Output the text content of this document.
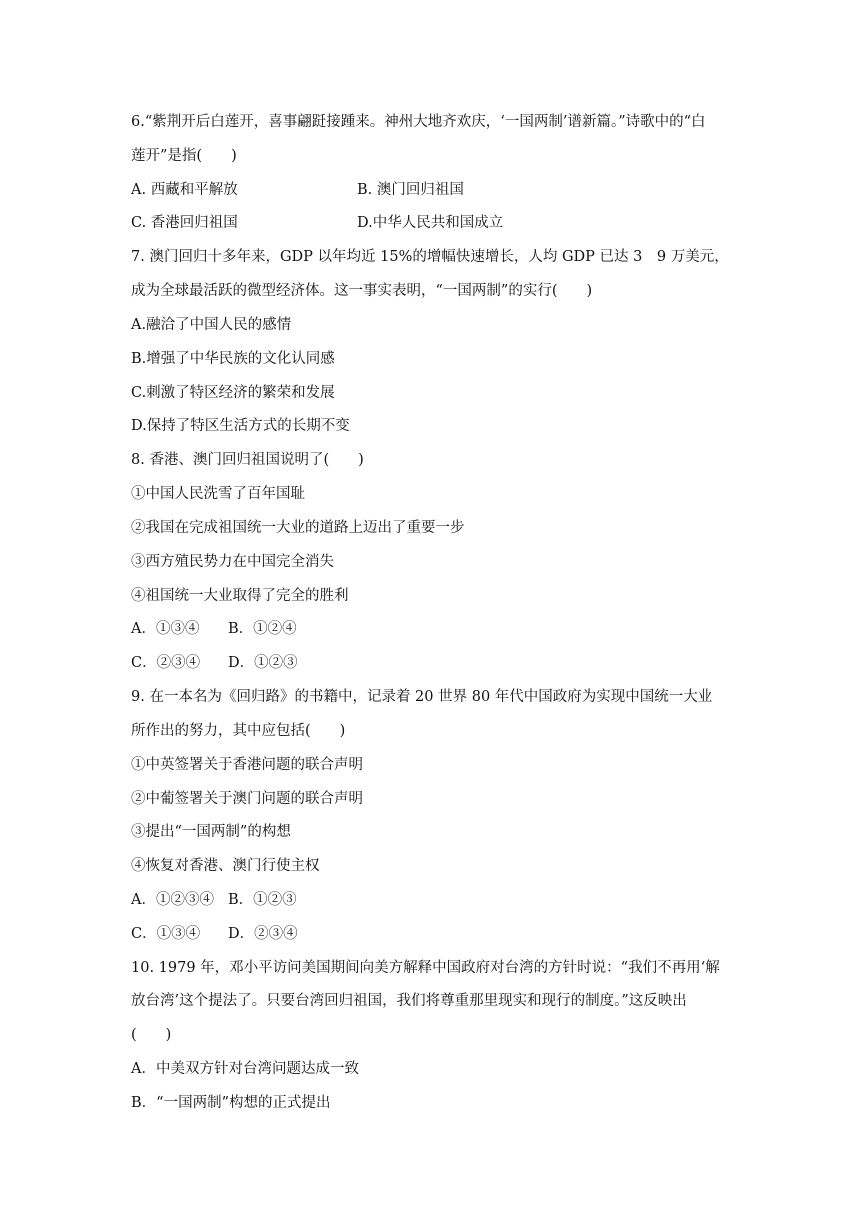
6.“紫荆开后白莲开，喜事翩跹接踵来。神州大地齐欢庆，‘一国两制’谱新篇。”诗歌中的“白
莲开”是指(　　)
A. 西藏和平解放	B. 澳门回归祖国
C. 香港回归祖国	D.中华人民共和国成立
7. 澳门回归十多年来，GDP 以年均近 15%的增幅快速增长，人均 GDP 已达 3　9 万美元，
成为全球最活跃的微型经济体。这一事实表明，“一国两制”的实行(　　)
A.融洽了中国人民的感情
B.增强了中华民族的文化认同感
C.刺激了特区经济的繁荣和发展
D.保持了特区生活方式的长期不变
8. 香港、澳门回归祖国说明了(　　)
①中国人民洗雪了百年国耻
②我国在完成祖国统一大业的道路上迈出了重要一步
③西方殖民势力在中国完全消失
④祖国统一大业取得了完全的胜利
A．①③④ B．①②④
C．②③④ D．①②③
9. 在一本名为《回归路》的书籍中，记录着 20 世界 80 年代中国政府为实现中国统一大业
所作出的努力，其中应包括(　　)
①中英签署关于香港问题的联合声明
②中葡签署关于澳门问题的联合声明
③提出“一国两制”的构想
④恢复对香港、澳门行使主权
A．①②③④ B．①②③
C．①③④ D．②③④
10. 1979 年，邓小平访问美国期间向美方解释中国政府对台湾的方针时说：“我们不再用‘解
放台湾’这个提法了。只要台湾回归祖国，我们将尊重那里现实和现行的制度。”这反映出
(　　)
A．中美双方针对台湾问题达成一致
B．“一国两制”构想的正式提出
